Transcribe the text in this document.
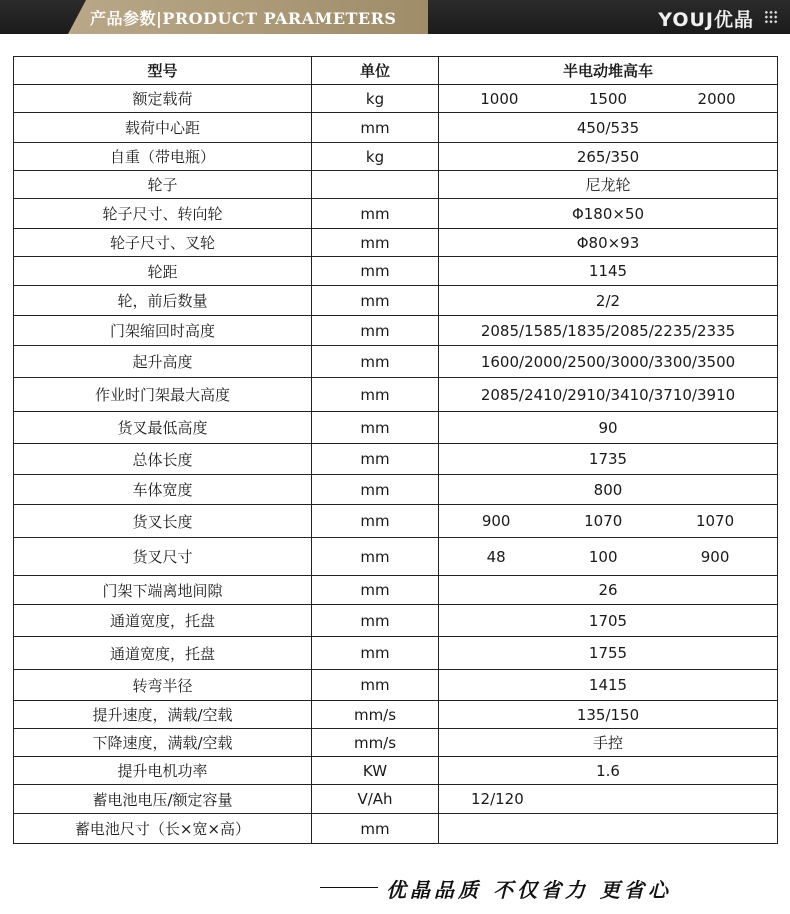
产品参数|PRODUCT PARAMETERS	YOUJ优晶
型号	单位	半电动堆高车
额定载荷	kg	1000 1500 2000

载荷中心距	mm	450/535
自重（带电瓶）	kg	265/350
轮子		尼龙轮
轮子尺寸、转向轮	mm	Φ180×50
轮子尺寸、叉轮	mm	Φ80×93
轮距	mm	1145
轮，前后数量	mm	2/2
门架缩回时高度	mm	2085/1585/1835/2085/2235/2335
起升高度	mm	1600/2000/2500/3000/3300/3500
作业时门架最大高度	mm	2085/2410/2910/3410/3710/3910
货叉最低高度	mm	90
总体长度	mm	1735
车体宽度	mm	800
货叉长度	mm	900 1070 1070

货叉尺寸	mm	48 100 900

门架下端离地间隙	mm	26
通道宽度，托盘	mm	1705
通道宽度，托盘	mm	1755
转弯半径	mm	1415
提升速度，满载/空载	mm/s	135/150
下降速度，满载/空载	mm/s	手控
提升电机功率	KW	1.6
蓄电池电压/额定容量	V/Ah	12/120
蓄电池尺寸（长×宽×高）	mm	
优晶品质 不仅省力 更省心
